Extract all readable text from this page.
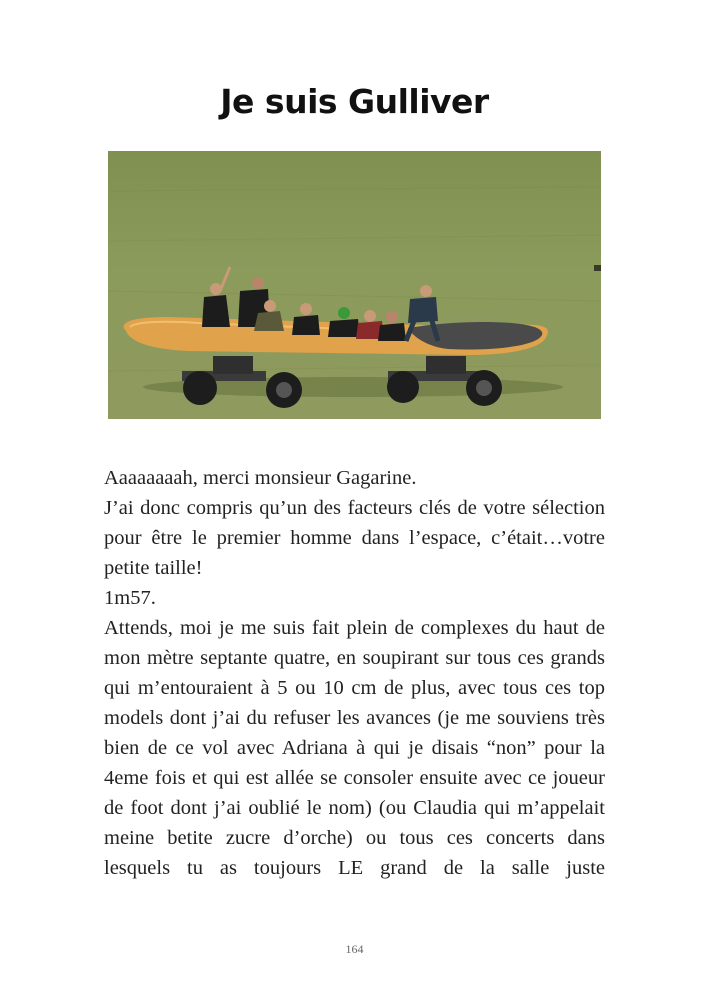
Je suis Gulliver

Aaaaaaaah, merci monsieur Gagarine.

J’ai donc compris qu’un des facteurs clés de votre sélection pour être le premier homme dans l’espace, c’était…votre petite taille!

1m57.

Attends, moi je me suis fait plein de complexes du haut de mon mètre septante quatre, en soupirant sur tous ces grands qui m’entouraient à 5 ou 10 cm de plus, avec tous ces top models dont j’ai du refuser les avances (je me souviens très bien de ce vol avec Adriana à qui je disais “non” pour la 4eme fois et qui est allée se consoler ensuite avec ce joueur de foot dont j’ai oublié le nom) (ou Claudia qui m’appelait meine betite zucre d’orche) ou tous ces concerts dans lesquels tu as toujours LE grand de la salle juste

164
